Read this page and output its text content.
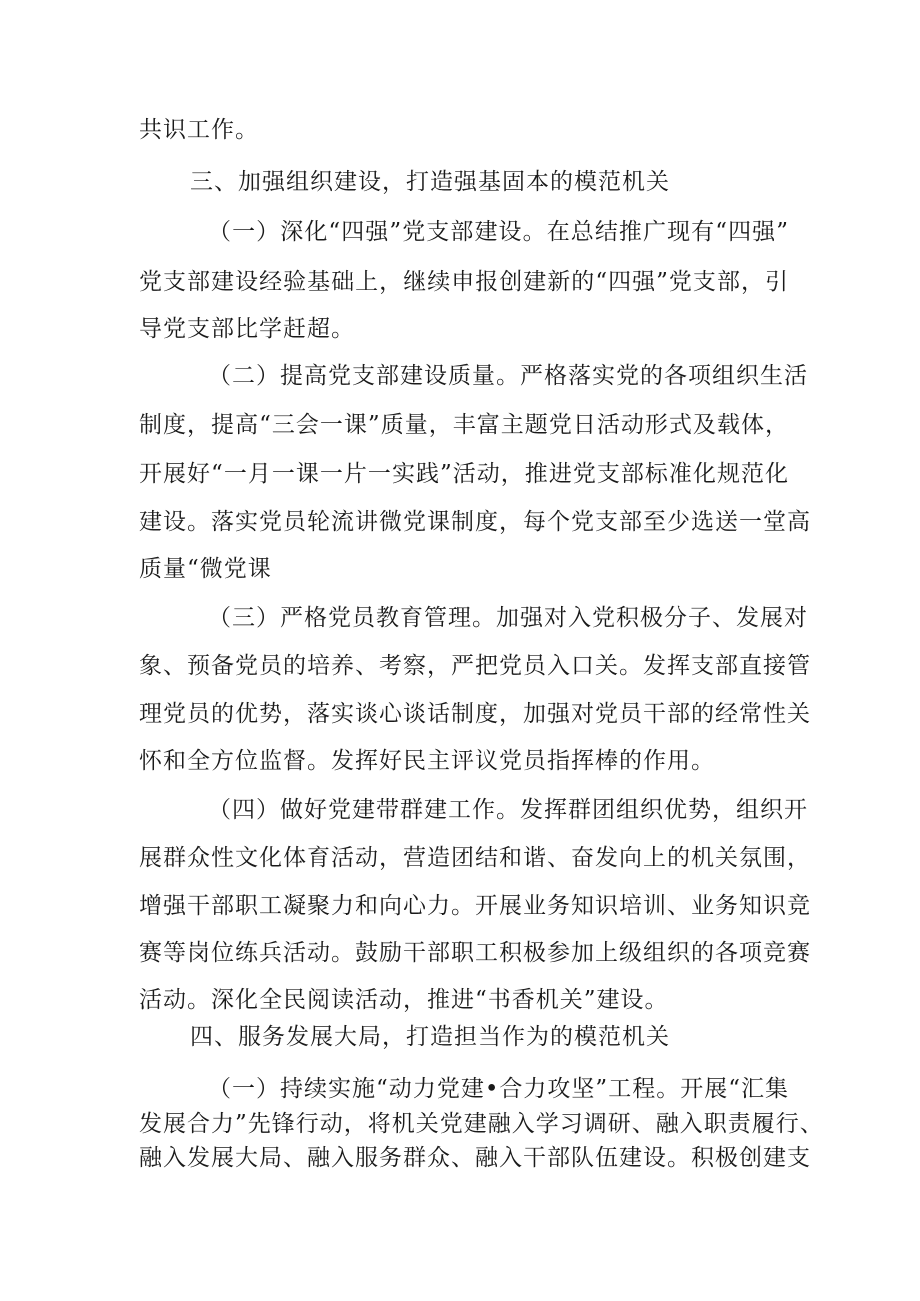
共识工作。
三、加强组织建设，打造强基固本的模范机关
（一）深化“四强”党支部建设。在总结推广现有“四强”
党支部建设经验基础上，继续申报创建新的“四强”党支部，引
导党支部比学赶超。
（二）提高党支部建设质量。严格落实党的各项组织生活
制度，提高“三会一课”质量，丰富主题党日活动形式及载体，
开展好“一月一课一片一实践”活动，推进党支部标准化规范化
建设。落实党员轮流讲微党课制度，每个党支部至少选送一堂高
质量“微党课
（三）严格党员教育管理。加强对入党积极分子、发展对
象、预备党员的培养、考察，严把党员入口关。发挥支部直接管
理党员的优势，落实谈心谈话制度，加强对党员干部的经常性关
怀和全方位监督。发挥好民主评议党员指挥棒的作用。
（四）做好党建带群建工作。发挥群团组织优势，组织开
展群众性文化体育活动，营造团结和谐、奋发向上的机关氛围，
增强干部职工凝聚力和向心力。开展业务知识培训、业务知识竞
赛等岗位练兵活动。鼓励干部职工积极参加上级组织的各项竞赛
活动。深化全民阅读活动，推进“书香机关”建设。
四、服务发展大局，打造担当作为的模范机关
（一）持续实施“动力党建•合力攻坚”工程。开展“汇集
发展合力”先锋行动，将机关党建融入学习调研、融入职责履行、
融入发展大局、融入服务群众、融入干部队伍建设。积极创建支
